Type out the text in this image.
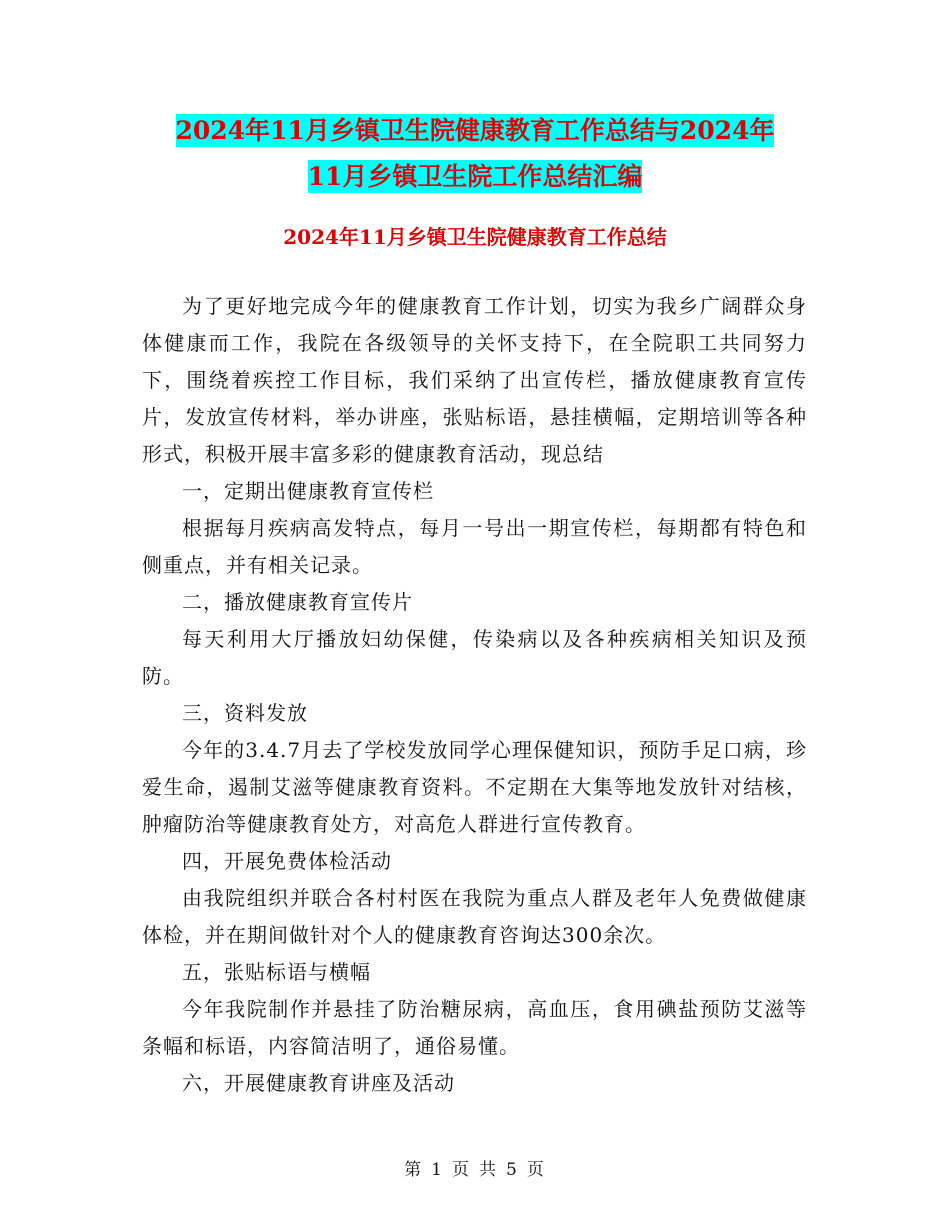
2024年11月乡镇卫生院健康教育工作总结与2024年
11月乡镇卫生院工作总结汇编
2024年11月乡镇卫生院健康教育工作总结

为了更好地完成今年的健康教育工作计划，切实为我乡广阔群众身体健康而工作，我院在各级领导的关怀支持下，在全院职工共同努力下，围绕着疾控工作目标，我们采纳了出宣传栏，播放健康教育宣传片，发放宣传材料，举办讲座，张贴标语，悬挂横幅，定期培训等各种形式，积极开展丰富多彩的健康教育活动，现总结

一，定期出健康教育宣传栏

根据每月疾病高发特点，每月一号出一期宣传栏，每期都有特色和侧重点，并有相关记录。

二，播放健康教育宣传片

每天利用大厅播放妇幼保健，传染病以及各种疾病相关知识及预防。

三，资料发放

今年的3.4.7月去了学校发放同学心理保健知识，预防手足口病，珍爱生命，遏制艾滋等健康教育资料。不定期在大集等地发放针对结核，肿瘤防治等健康教育处方，对高危人群进行宣传教育。

四，开展免费体检活动

由我院组织并联合各村村医在我院为重点人群及老年人免费做健康体检，并在期间做针对个人的健康教育咨询达300余次。

五，张贴标语与横幅

今年我院制作并悬挂了防治糖尿病，高血压，食用碘盐预防艾滋等条幅和标语，内容简洁明了，通俗易懂。

六，开展健康教育讲座及活动

第 1 页 共 5 页
